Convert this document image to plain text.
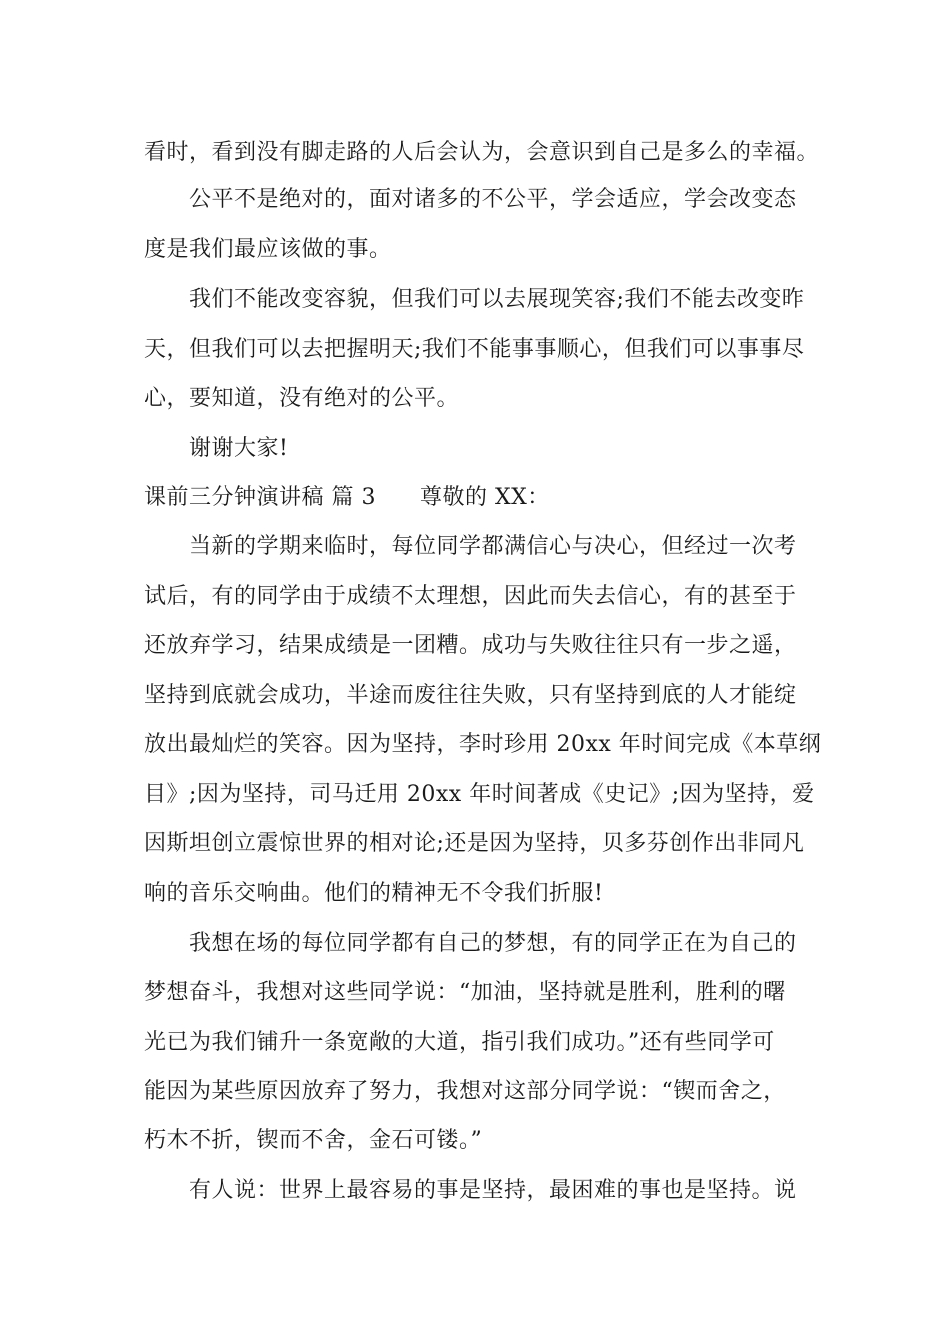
看时，看到没有脚走路的人后会认为，会意识到自己是多么的幸福。
公平不是绝对的，面对诸多的不公平，学会适应，学会改变态
度是我们最应该做的事。
我们不能改变容貌，但我们可以去展现笑容;我们不能去改变昨
天，但我们可以去把握明天;我们不能事事顺心，但我们可以事事尽
心，要知道，没有绝对的公平。
谢谢大家!
课前三分钟演讲稿 篇 3 尊敬的 XX：
当新的学期来临时，每位同学都满信心与决心，但经过一次考
试后，有的同学由于成绩不太理想，因此而失去信心，有的甚至于
还放弃学习，结果成绩是一团糟。成功与失败往往只有一步之遥，
坚持到底就会成功，半途而废往往失败，只有坚持到底的人才能绽
放出最灿烂的笑容。因为坚持，李时珍用 20xx 年时间完成《本草纲
目》;因为坚持，司马迁用 20xx 年时间著成《史记》;因为坚持，爱
因斯坦创立震惊世界的相对论;还是因为坚持，贝多芬创作出非同凡
响的音乐交响曲。他们的精神无不令我们折服!
我想在场的每位同学都有自己的梦想，有的同学正在为自己的
梦想奋斗，我想对这些同学说：“加油，坚持就是胜利，胜利的曙
光已为我们铺升一条宽敞的大道，指引我们成功。”还有些同学可
能因为某些原因放弃了努力，我想对这部分同学说：“锲而舍之，
朽木不折，锲而不舍，金石可镂。”
有人说：世界上最容易的事是坚持，最困难的事也是坚持。说
